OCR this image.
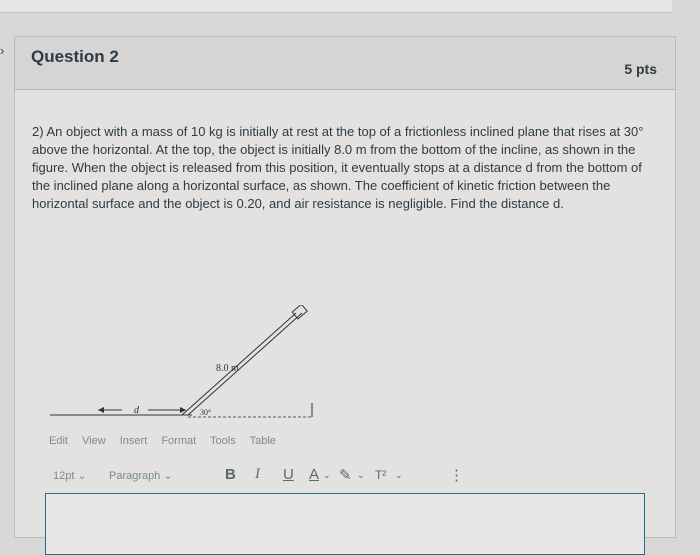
› Question 2
5 pts
2) An object with a mass of 10 kg is initially at rest at the top of a frictionless inclined plane that rises at 30° above the horizontal. At the top, the object is initially 8.0 m from the bottom of the incline, as shown in the figure. When the object is released from this position, it eventually stops at a distance d from the bottom of the inclined plane along a horizontal surface, as shown. The coefficient of kinetic friction between the horizontal surface and the object is 0.20, and air resistance is negligible. Find the distance d.
d
8.0 m
30°
Edit View Insert Format Tools Table
12pt ⌄ Paragraph ⌄	B I U A ⌄ ✎ ⌄ T² ⌄	⋮
